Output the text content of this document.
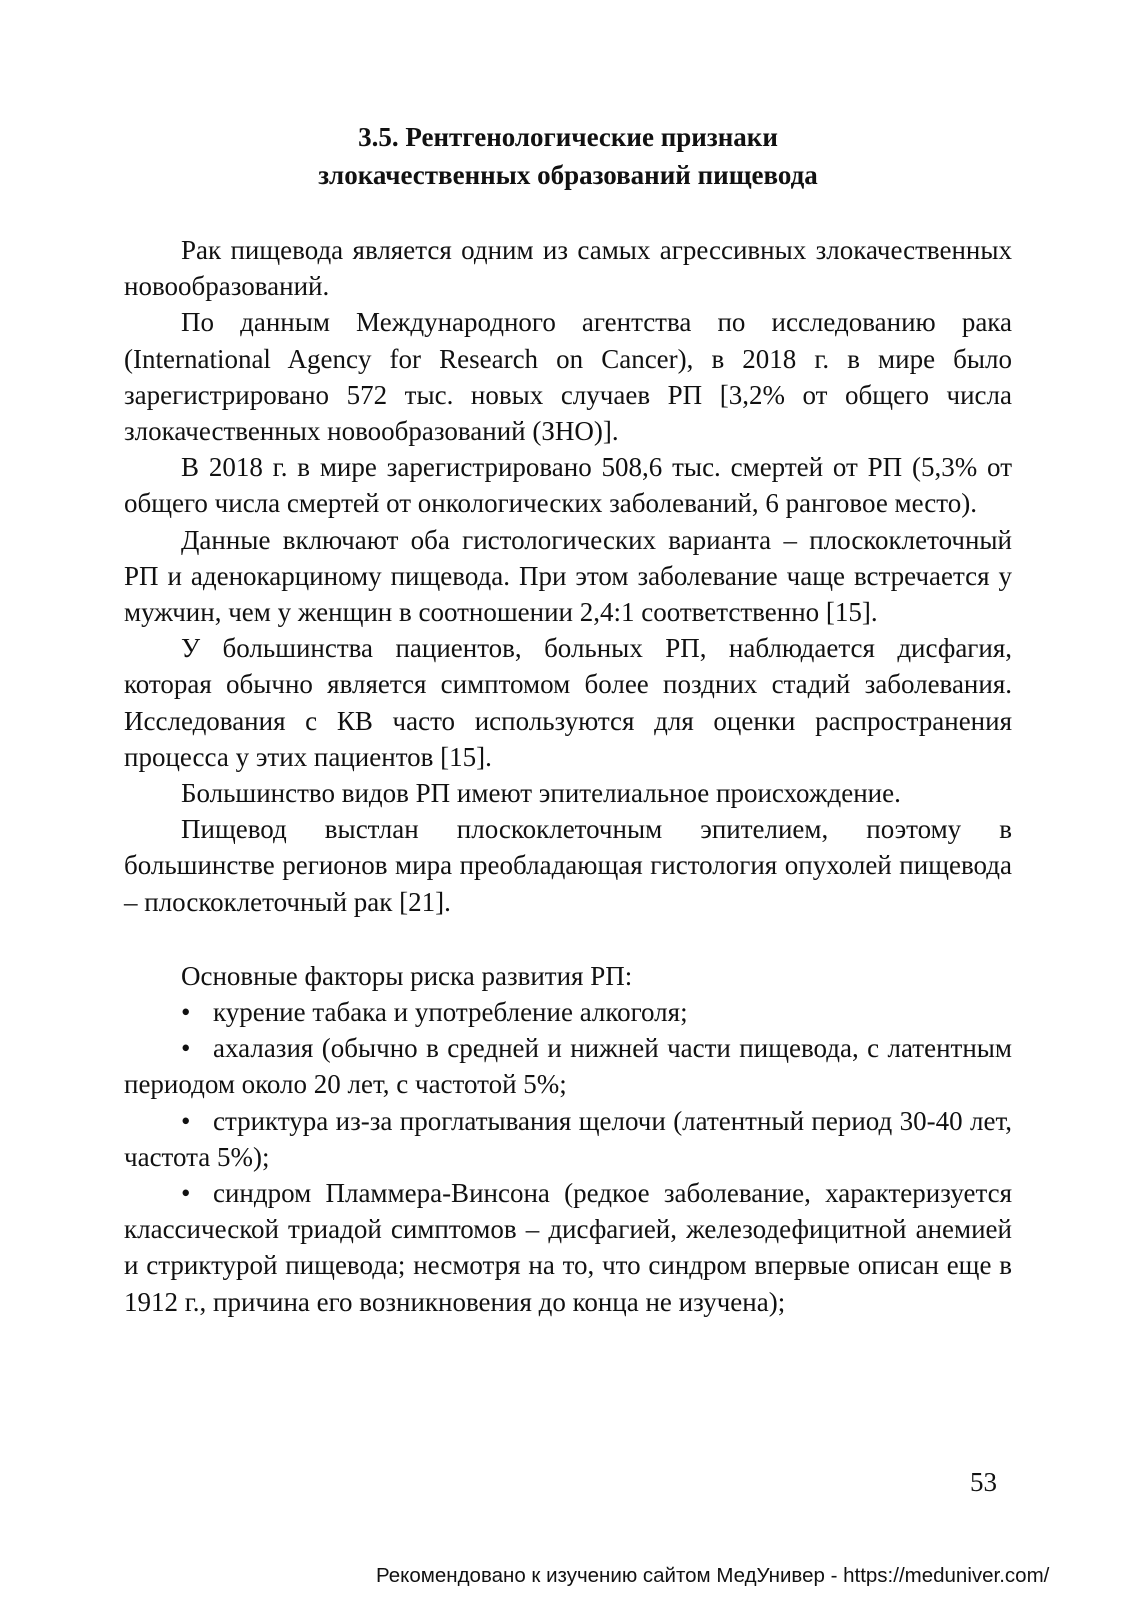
3.5. Рентгенологические признаки
злокачественных образований пищевода

Рак пищевода является одним из самых агрессивных злокачественных новообразований.

По данным Международного агентства по исследованию рака (International Agency for Research on Cancer), в 2018 г. в мире было зарегистрировано 572 тыс. новых случаев РП [3,2% от общего числа злокачественных новообразований (ЗНО)].

В 2018 г. в мире зарегистрировано 508,6 тыс. смертей от РП (5,3% от общего числа смертей от онкологических заболеваний, 6 ранговое место).

Данные включают оба гистологических варианта – плоскоклеточный РП и аденокарциному пищевода. При этом заболевание чаще встречается у мужчин, чем у женщин в соотношении 2,4:1 соответственно [15].

У большинства пациентов, больных РП, наблюдается дисфагия, которая обычно является симптомом более поздних стадий заболевания. Исследования с КВ часто используются для оценки распространения процесса у этих пациентов [15].

Большинство видов РП имеют эпителиальное происхождение.

Пищевод выстлан плоскоклеточным эпителием, поэтому в большинстве регионов мира преобладающая гистология опухолей пищевода – плоскоклеточный рак [21].

Основные факторы риска развития РП:

• курение табака и употребление алкоголя;
• ахалазия (обычно в средней и нижней части пищевода, с латентным периодом около 20 лет, с частотой 5%;
• стриктура из-за проглатывания щелочи (латентный период 30-40 лет, частота 5%);
• синдром Пламмера-Винсона (редкое заболевание, характеризуется классической триадой симптомов – дисфагией, железодефицитной анемией и стриктурой пищевода; несмотря на то, что синдром впервые описан еще в 1912 г., причина его возникновения до конца не изучена);
53
Рекомендовано к изучению сайтом МедУнивер - https://meduniver.com/
